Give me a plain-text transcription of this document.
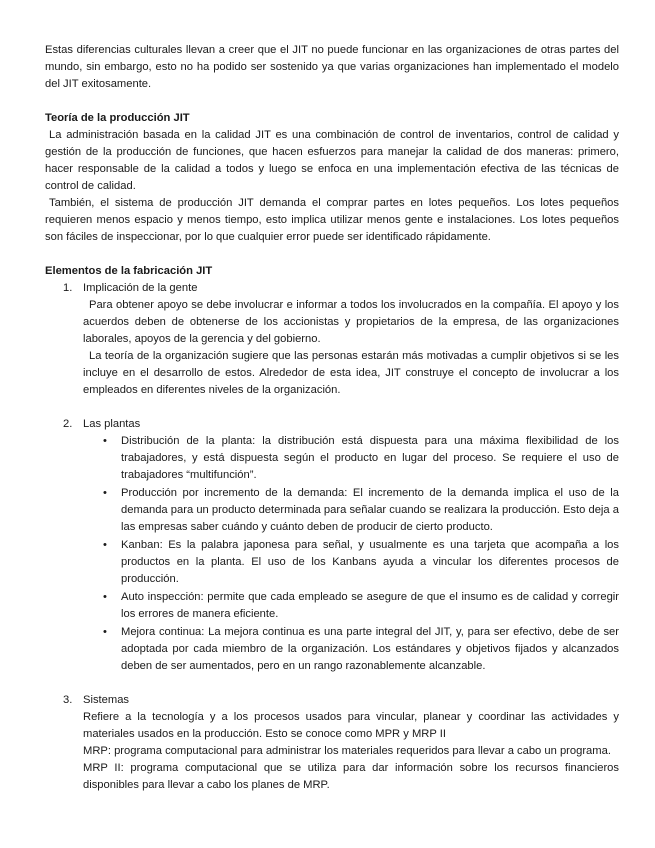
Estas diferencias culturales llevan a creer que el JIT no puede funcionar en las organizaciones de otras partes del mundo, sin embargo, esto no ha podido ser sostenido ya que varias organizaciones han implementado el modelo del JIT exitosamente.

Teoría de la producción JIT

La administración basada en la calidad JIT es una combinación de control de inventarios, control de calidad y gestión de la producción de funciones, que hacen esfuerzos para manejar la calidad de dos maneras: primero, hacer responsable de la calidad a todos y luego se enfoca en una implementación efectiva de las técnicas de control de calidad.

También, el sistema de producción JIT demanda el comprar partes en lotes pequeños. Los lotes pequeños requieren menos espacio y menos tiempo, esto implica utilizar menos gente e instalaciones. Los lotes pequeños son fáciles de inspeccionar, por lo que cualquier error puede ser identificado rápidamente.

Elementos de la fabricación JIT
1. Implicación de la gente

Para obtener apoyo se debe involucrar e informar a todos los involucrados en la compañía. El apoyo y los acuerdos deben de obtenerse de los accionistas y propietarios de la empresa, de las organizaciones laborales, apoyos de la gerencia y del gobierno.

La teoría de la organización sugiere que las personas estarán más motivadas a cumplir objetivos si se les incluye en el desarrollo de estos. Alrededor de esta idea, JIT construye el concepto de involucrar a los empleados en diferentes niveles de la organización.

2. Las plantas
• Distribución de la planta: la distribución está dispuesta para una máxima flexibilidad de los trabajadores, y está dispuesta según el producto en lugar del proceso. Se requiere el uso de trabajadores “multifunción”.
• Producción por incremento de la demanda: El incremento de la demanda implica el uso de la demanda para un producto determinada para señalar cuando se realizara la producción. Esto deja a las empresas saber cuándo y cuánto deben de producir de cierto producto.
• Kanban: Es la palabra japonesa para señal, y usualmente es una tarjeta que acompaña a los productos en la planta. El uso de los Kanbans ayuda a vincular los diferentes procesos de producción.
• Auto inspección: permite que cada empleado se asegure de que el insumo es de calidad y corregir los errores de manera eficiente.
• Mejora continua: La mejora continua es una parte integral del JIT, y, para ser efectivo, debe de ser adoptada por cada miembro de la organización. Los estándares y objetivos fijados y alcanzados deben de ser aumentados, pero en un rango razonablemente alcanzable.
3. Sistemas

Refiere a la tecnología y a los procesos usados para vincular, planear y coordinar las actividades y materiales usados en la producción. Esto se conoce como MPR y MRP II

MRP: programa computacional para administrar los materiales requeridos para llevar a cabo un programa.

MRP II: programa computacional que se utiliza para dar información sobre los recursos financieros disponibles para llevar a cabo los planes de MRP.
